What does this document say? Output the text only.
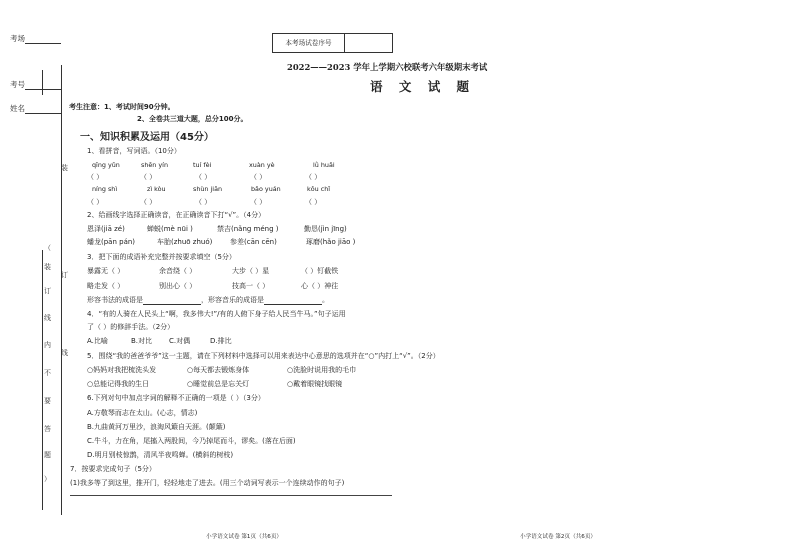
考场
考号
姓名
（
装
订
线
内
不
要
答
题
）
装
订
线
本考场试卷序号
2022——2023 学年上学期六校联考六年级期末考试
语 文 试 题
考生注意：1、考试时间90分钟。
2、全卷共三道大题，总分100分。
一、知识积累及运用（45分）
1、看拼音，写词语。（10分）
qīng yǔn	shēn yín	tuí fèi	xuàn yè	lǜ huǎi
（ ）	（ ）	（ ）	（ ）	（ ）
níng shì	zì kòu	shùn jiān	bǎo yuán	kǒu chǐ
（ ）	（ ）	（ ）	（ ）	（ ）
2、给画线字选择正确读音，在正确读音下打“√”。（4分）
恩泽(jiā zé)	蝉蜕(mè nūi )	禁吉(nǎng méng )	勤恳(jìn jīng)
蟠龙(pān pán)	车胎(zhuō zhuó)	参差(cān cēn)	琢磨(hǎo jiāo )
3．把下面的成语补充完整并按要求填空（5分）
暴露无（ ）	余音绕（ ）	大步（ ）星	（ ）钉截铁
略走发（ ）	别出心（ ）	技高一（ ）	心（ ）神往
形容书法的成语是	，形容音乐的成语是	。
4．“有的人骑在人民头上“啊，我多伟大!”/有的人俯下身子给人民当牛马。”句子运用
了（ ）的修辞手法。（2分）
A.比喻	B.对比 C.对偶	D.排比
5．围绕“我的爸爸爷爷”这一主题，请在下列材料中选择可以用来表达中心意思的选项并在“○”内打上“√”。（2分）
○妈妈对我把梳洗头发	○每天都去锻炼身体	○洗脸时说用我的毛巾
○总能记得我的生日	○睡觉前总是忘关灯	○戴着眼镜找眼镜
6.下列对句中加点字词的解释不正确的一项是（ ）（3分）
A.方敬琴而志在太山。(心志，情志)
B.九曲黄河万里沙，浪淘风簸自天涯。(颠簸)
C.牛斗，力在角，尾搐入两股间，今乃掉尾而斗，谬矣。(落在后面)
D.明月别枝惊鹊，清风半夜鸣蝉。(横斜的树枝)
7．按要求完成句子（5分）
(1)我多等了到这里，推开门，轻轻地走了进去。(用三个动词写表示一个连续动作的句子)
小学语文试卷 第1页（共6页）	小学语文试卷 第2页（共6页）
